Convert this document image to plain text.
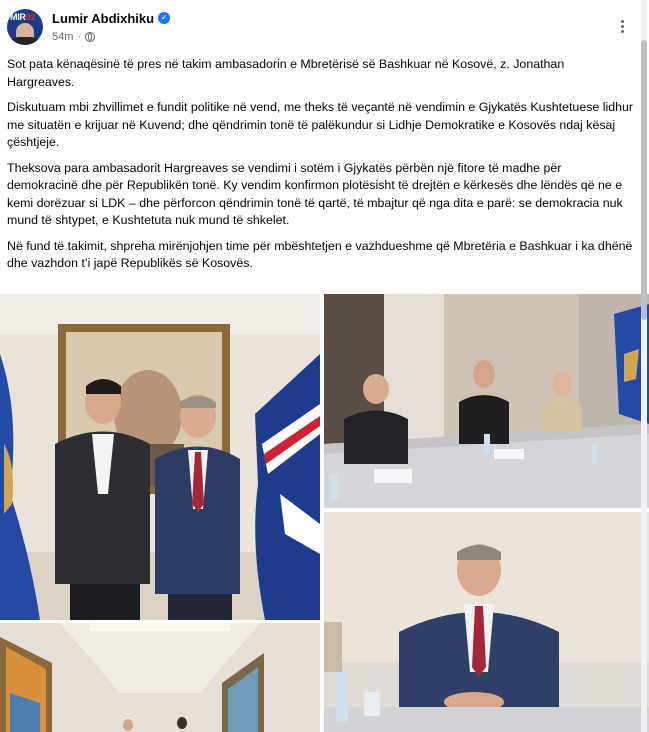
MIR02 Lumir Abdixhiku ✓
54m ·

Sot pata kënaqësinë të pres në takim ambasadorin e Mbretërisë së Bashkuar në Kosovë, z. Jonathan Hargreaves.

Diskutuam mbi zhvillimet e fundit politike në vend, me theks të veçantë në vendimin e Gjykatës Kushtetuese lidhur me situatën e krijuar në Kuvend; dhe qëndrimin tonë të palëkundur si Lidhje Demokratike e Kosovës ndaj kësaj çështjeje.

Theksova para ambasadorit Hargreaves se vendimi i sotëm i Gjykatës përbën një fitore të madhe për demokracinë dhe për Republikën tonë. Ky vendim konfirmon plotësisht të drejtën e kërkesës dhe lëndës që ne e kemi dorëzuar si LDK – dhe përforcon qëndrimin tonë të qartë, të mbajtur që nga dita e parë: se demokracia nuk mund të shtypet, e Kushtetuta nuk mund të shkelet.

Në fund të takimit, shpreha mirënjohjen time për mbështetjen e vazhdueshme që Mbretëria e Bashkuar i ka dhënë dhe vazhdon t’i japë Republikës së Kosovës.
